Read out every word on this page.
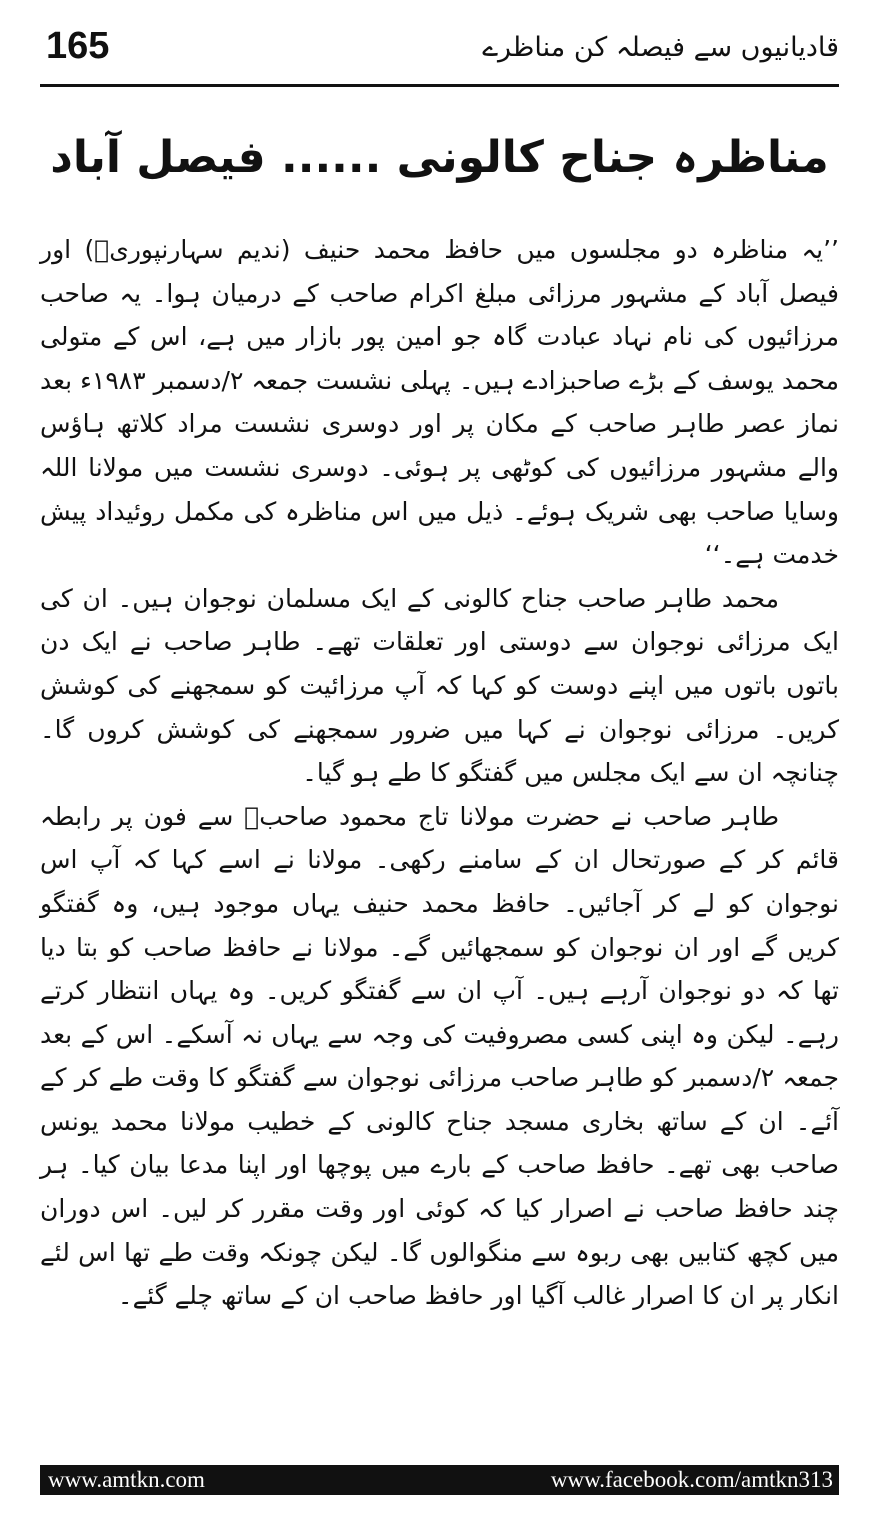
165	قادیانیوں سے فیصلہ کن مناظرے
مناظرہ جناح کالونی ...... فیصل آباد

’’یہ مناظرہ دو مجلسوں میں حافظ محمد حنیف (ندیم سہارنپوریؒ) اور فیصل آباد کے مشہور مرزائی مبلغ اکرام صاحب کے درمیان ہوا۔ یہ صاحب مرزائیوں کی نام نہاد عبادت گاہ جو امین پور بازار میں ہے، اس کے متولی محمد یوسف کے بڑے صاحبزادے ہیں۔ پہلی نشست جمعہ ۲/دسمبر ۱۹۸۳ء بعد نماز عصر طاہر صاحب کے مکان پر اور دوسری نشست مراد کلاتھ ہاؤس والے مشہور مرزائیوں کی کوٹھی پر ہوئی۔ دوسری نشست میں مولانا اللہ وسایا صاحب بھی شریک ہوئے۔ ذیل میں اس مناظرہ کی مکمل روئیداد پیش خدمت ہے۔‘‘

محمد طاہر صاحب جناح کالونی کے ایک مسلمان نوجوان ہیں۔ ان کی ایک مرزائی نوجوان سے دوستی اور تعلقات تھے۔ طاہر صاحب نے ایک دن باتوں باتوں میں اپنے دوست کو کہا کہ آپ مرزائیت کو سمجھنے کی کوشش کریں۔ مرزائی نوجوان نے کہا میں ضرور سمجھنے کی کوشش کروں گا۔ چنانچہ ان سے ایک مجلس میں گفتگو کا طے ہو گیا۔

طاہر صاحب نے حضرت مولانا تاج محمود صاحبؒ سے فون پر رابطہ قائم کر کے صورتحال ان کے سامنے رکھی۔ مولانا نے اسے کہا کہ آپ اس نوجوان کو لے کر آجائیں۔ حافظ محمد حنیف یہاں موجود ہیں، وہ گفتگو کریں گے اور ان نوجوان کو سمجھائیں گے۔ مولانا نے حافظ صاحب کو بتا دیا تھا کہ دو نوجوان آرہے ہیں۔ آپ ان سے گفتگو کریں۔ وہ یہاں انتظار کرتے رہے۔ لیکن وہ اپنی کسی مصروفیت کی وجہ سے یہاں نہ آسکے۔ اس کے بعد جمعہ ۲/دسمبر کو طاہر صاحب مرزائی نوجوان سے گفتگو کا وقت طے کر کے آئے۔ ان کے ساتھ بخاری مسجد جناح کالونی کے خطیب مولانا محمد یونس صاحب بھی تھے۔ حافظ صاحب کے بارے میں پوچھا اور اپنا مدعا بیان کیا۔ ہر چند حافظ صاحب نے اصرار کیا کہ کوئی اور وقت مقرر کر لیں۔ اس دوران میں کچھ کتابیں بھی ربوہ سے منگوالوں گا۔ لیکن چونکہ وقت طے تھا اس لئے انکار پر ان کا اصرار غالب آگیا اور حافظ صاحب ان کے ساتھ چلے گئے۔

www.amtkn.com	www.facebook.com/amtkn313
